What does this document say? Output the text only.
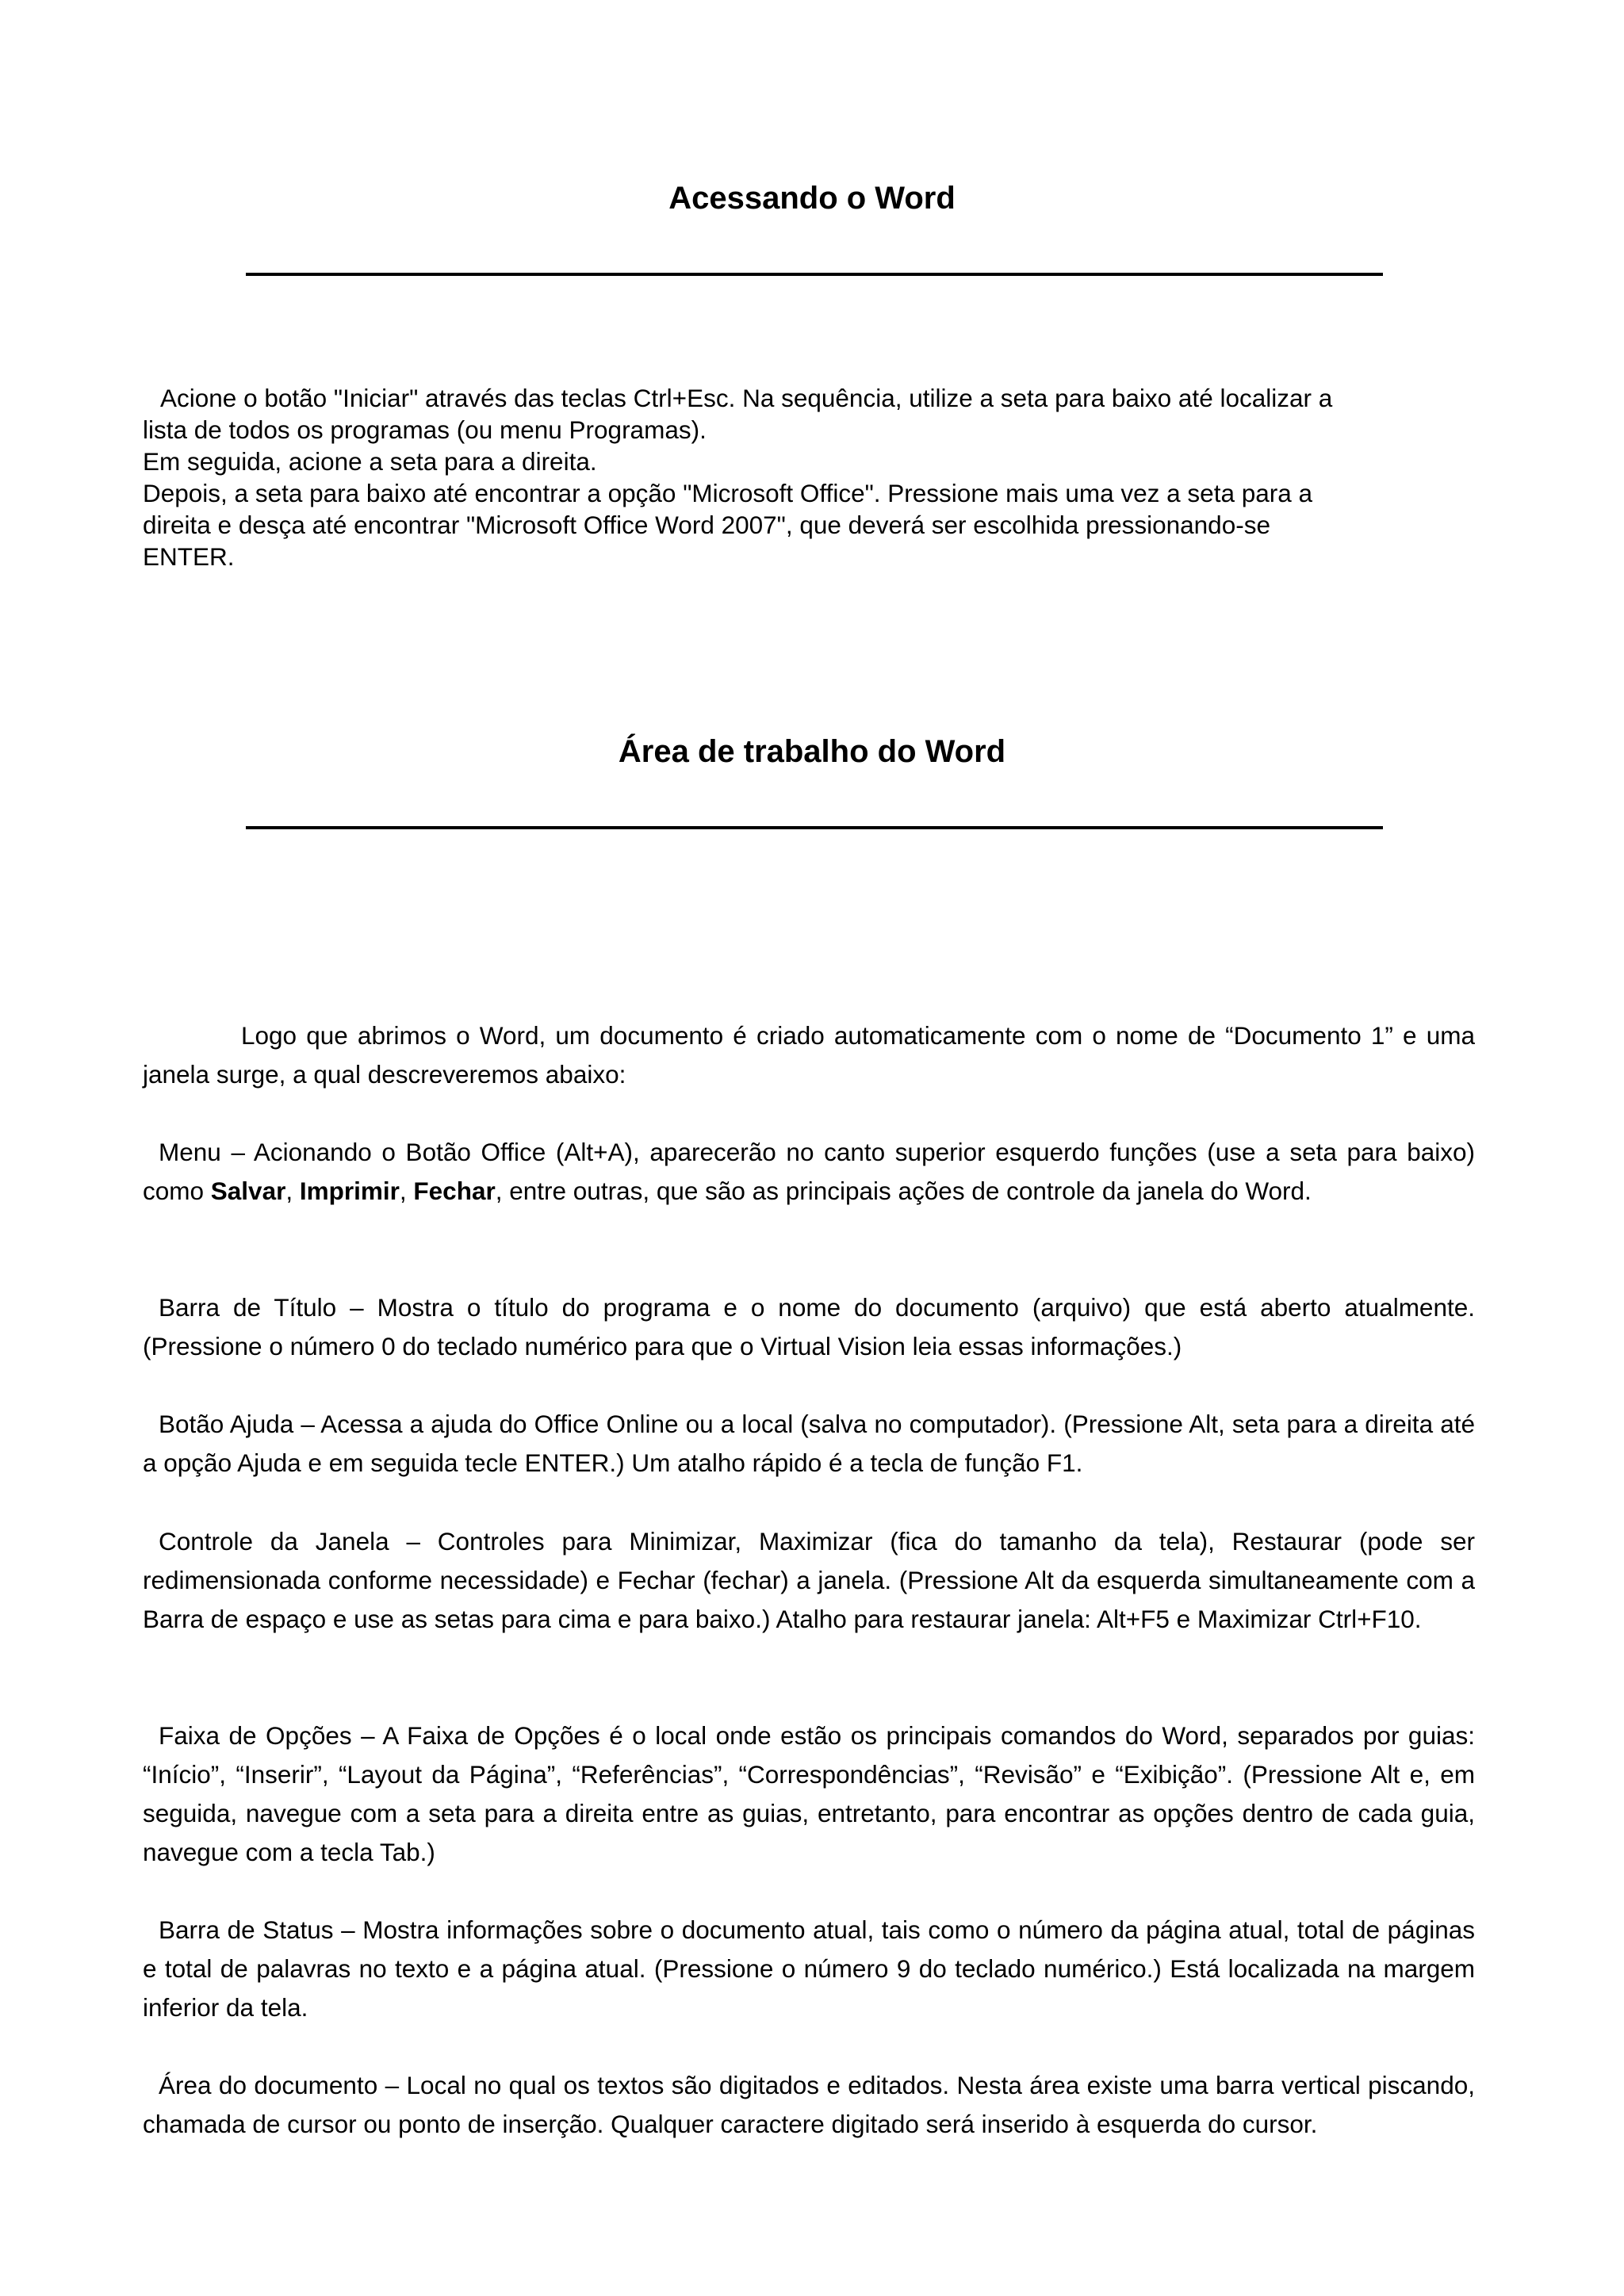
Acessando o Word
Acione o botão "Iniciar" através das teclas Ctrl+Esc. Na sequência, utilize a seta para baixo até localizar a
lista de todos os programas (ou menu Programas).
Em seguida, acione a seta para a direita.
Depois, a seta para baixo até encontrar a opção "Microsoft Office". Pressione mais uma vez a seta para a
direita e desça até encontrar "Microsoft Office Word 2007", que deverá ser escolhida pressionando-se
ENTER.
Área de trabalho do Word

Logo que abrimos o Word, um documento é criado automaticamente com o nome de “Documento 1” e uma janela surge, a qual descreveremos abaixo:

Menu – Acionando o Botão Office (Alt+A), aparecerão no canto superior esquerdo funções (use a seta para baixo) como Salvar, Imprimir, Fechar, entre outras, que são as principais ações de controle da janela do Word.

Barra de Título – Mostra o título do programa e o nome do documento (arquivo) que está aberto atualmente. (Pressione o número 0 do teclado numérico para que o Virtual Vision leia essas informações.)

Botão Ajuda – Acessa a ajuda do Office Online ou a local (salva no computador). (Pressione Alt, seta para a direita até a opção Ajuda e em seguida tecle ENTER.) Um atalho rápido é a tecla de função F1.

Controle da Janela – Controles para Minimizar, Maximizar (fica do tamanho da tela), Restaurar (pode ser redimensionada conforme necessidade) e Fechar (fechar) a janela. (Pressione Alt da esquerda simultaneamente com a Barra de espaço e use as setas para cima e para baixo.) Atalho para restaurar janela: Alt+F5 e Maximizar Ctrl+F10.

Faixa de Opções – A Faixa de Opções é o local onde estão os principais comandos do Word, separados por guias: “Início”, “Inserir”, “Layout da Página”, “Referências”, “Correspondências”, “Revisão” e “Exibição”. (Pressione Alt e, em seguida, navegue com a seta para a direita entre as guias, entretanto, para encontrar as opções dentro de cada guia, navegue com a tecla Tab.)

Barra de Status – Mostra informações sobre o documento atual, tais como o número da página atual, total de páginas e total de palavras no texto e a página atual. (Pressione o número 9 do teclado numérico.) Está localizada na margem inferior da tela.

Área do documento – Local no qual os textos são digitados e editados. Nesta área existe uma barra vertical piscando, chamada de cursor ou ponto de inserção. Qualquer caractere digitado será inserido à esquerda do cursor.
